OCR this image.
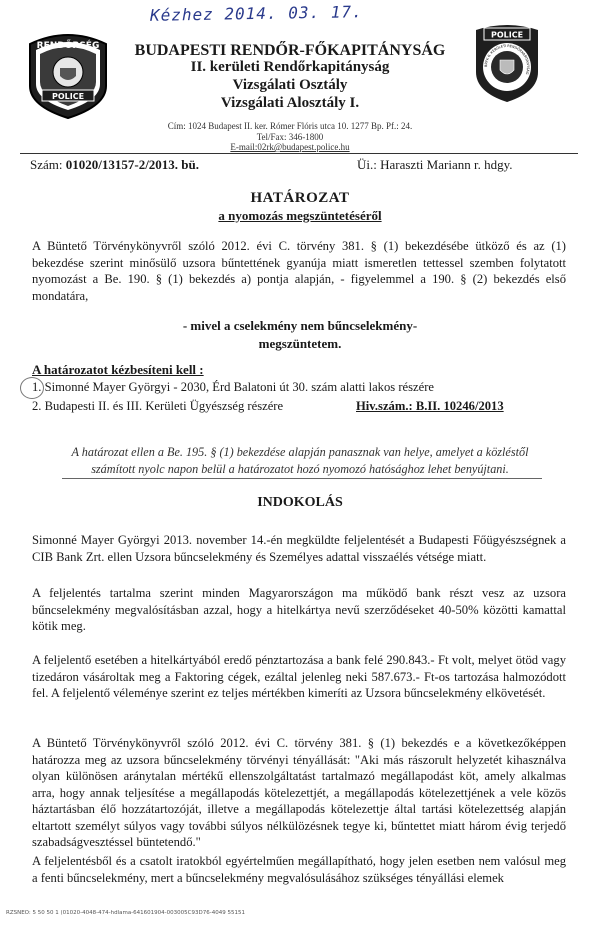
Kézhez 2014. 03. 17.
RENDŐRSÉG
POLICE
BUDAPESTI RENDŐR-FŐKAPITÁNYSÁG
II. kerületi Rendőrkapitányság
Vizsgálati Osztály
Vizsgálati Alosztály I.
Cím: 1024 Budapest II. ker. Rómer Flóris utca 10. 1277 Bp. Pf.: 24.
Tel/Fax: 346-1800
E-mail:02rk@budapest.police.hu
POLICE
BRFK II. KERÜLETI RENDŐRKAPITÁNYSÁG
Szám: 01020/13157-2/2013. bü.	Üi.: Haraszti Mariann r. hdgy.
HATÁROZAT
a nyomozás megszüntetéséről
A Büntető Törvénykönyvről szóló 2012. évi C. törvény 381. § (1) bekezdésébe ütköző és az (1) bekezdése szerint minősülő uzsora bűntettének gyanúja miatt ismeretlen tettessel szemben folytatott nyomozást a Be. 190. § (1) bekezdés a) pontja alapján, - figyelemmel a 190. § (2) bekezdés első mondatára,
- mivel a cselekmény nem bűncselekmény-
megszüntetem.
A határozatot kézbesíteni kell :
1. Simonné Mayer Györgyi - 2030, Érd Balatoni út 30. szám alatti lakos részére
2. Budapesti II. és III. Kerületi Ügyészség részére	Hiv.szám.: B.II. 10246/2013
A határozat ellen a Be. 195. § (1) bekezdése alapján panasznak van helye, amelyet a közléstől
számított nyolc napon belül a határozatot hozó nyomozó hatósághoz lehet benyújtani.
INDOKOLÁS
Simonné Mayer Györgyi 2013. november 14.-én megküldte feljelentését a Budapesti Főügyészségnek a CIB Bank Zrt. ellen Uzsora bűncselekmény és Személyes adattal visszaélés vétsége miatt.
A feljelentés tartalma szerint minden Magyarországon ma működő bank részt vesz az uzsora bűncselekmény megvalósításban azzal, hogy a hitelkártya nevű szerződéseket 40-50% közötti kamattal kötik meg.
A feljelentő esetében a hitelkártyából eredő pénztartozása a bank felé 290.843.- Ft volt, melyet ötöd vagy tizedáron vásároltak meg a Faktoring cégek, ezáltal jelenleg neki 587.673.- Ft-os tartozása halmozódott fel. A feljelentő véleménye szerint ez teljes mértékben kimeríti az Uzsora bűncselekmény elkövetését.
A Büntető Törvénykönyvről szóló 2012. évi C. törvény 381. § (1) bekezdés e a következőképpen határozza meg az uzsora bűncselekmény törvényi tényállását: "Aki más rászorult helyzetét kihasználva olyan különösen aránytalan mértékű ellenszolgáltatást tartalmazó megállapodást köt, amely alkalmas arra, hogy annak teljesítése a megállapodás kötelezettjét, a megállapodás kötelezettjének a vele közös háztartásban élő hozzátartozóját, illetve a megállapodás kötelezettje által tartási kötelezettség alapján eltartott személyt súlyos vagy további súlyos nélkülözésnek tegye ki, bűntettet miatt három évig terjedő szabadságvesztéssel büntetendő."
A feljelentésből és a csatolt iratokból egyértelműen megállapítható, hogy jelen esetben nem valósul meg a fenti bűncselekmény, mert a bűncselekmény megvalósulásához szükséges tényállási elemek
RZSNEO: 5 50 50 1 (01020-4048-474-hdlama-641601904-003005C93D76-4049 55151
